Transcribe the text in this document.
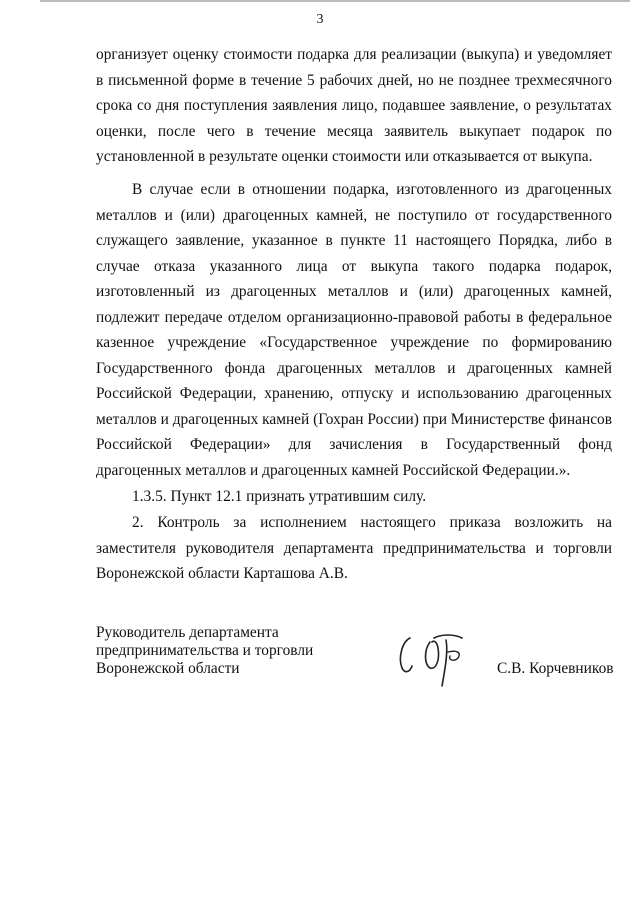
3

организует оценку стоимости подарка для реализации (выкупа) и уведомляет в письменной форме в течение 5 рабочих дней, но не позднее трехмесячного срока со дня поступления заявления лицо, подавшее заявление, о результатах оценки, после чего в течение месяца заявитель выкупает подарок по установленной в результате оценки стоимости или отказывается от выкупа.

В случае если в отношении подарка, изготовленного из драгоценных металлов и (или) драгоценных камней, не поступило от государственного служащего заявление, указанное в пункте 11 настоящего Порядка, либо в случае отказа указанного лица от выкупа такого подарка подарок, изготовленный из драгоценных металлов и (или) драгоценных камней, подлежит передаче отделом организационно-правовой работы в федеральное казенное учреждение «Государственное учреждение по формированию Государственного фонда драгоценных металлов и драгоценных камней Российской Федерации, хранению, отпуску и использованию драгоценных металлов и драгоценных камней (Гохран России) при Министерстве финансов Российской Федерации» для зачисления в Государственный фонд драгоценных металлов и драгоценных камней Российской Федерации.».

1.3.5. Пункт 12.1 признать утратившим силу.

2. Контроль за исполнением настоящего приказа возложить на заместителя руководителя департамента предпринимательства и торговли Воронежской области Карташова А.В.

Руководитель департамента
предпринимательства и торговли
Воронежской области	С.В. Корчевников
